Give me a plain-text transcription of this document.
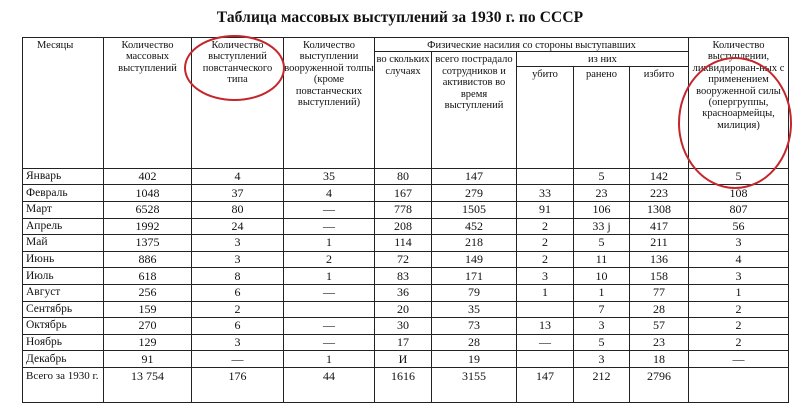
Таблица массовых выступлений за 1930 г. по СССР
Месяцы	Количество массовых выступлений	Количество выступлений повстанческого типа	Количество выступлении вооруженной толпы (кроме повстанческих выступлений)	Физические насилия со стороны выступавших					Количество выступлении, ликвидирован-ных с применением вооруженной силы (опергруппы, красноармейцы, милиция)
				во скольких случаях	всего пострадало сотрудников и активистов во время выступлений	из них			
						убито	ранено	избито	
Январь	402	4	35	80	147		5	142	5
Февраль	1048	37	4	167	279	33	23	223	108
Март	6528	80	—	778	1505	91	106	1308	807
Апрель	1992	24	—	208	452	2	33 j	417	56
Май	1375	3	1	114	218	2	5	211	3
Июнь	886	3	2	72	149	2	11	136	4
Июль	618	8	1	83	171	3	10	158	3
Август	256	6	—	36	79	1	1	77	1
Сентябрь	159	2		20	35		7	28	2
Октябрь	270	6	—	30	73	13	3	57	2
Ноябрь	129	3	—	17	28	—	5	23	2
Декабрь	91	—	1	И	19		3	18	—
Всего за 1930 г.	13 754	176	44	1616	3155	147	212	2796	
